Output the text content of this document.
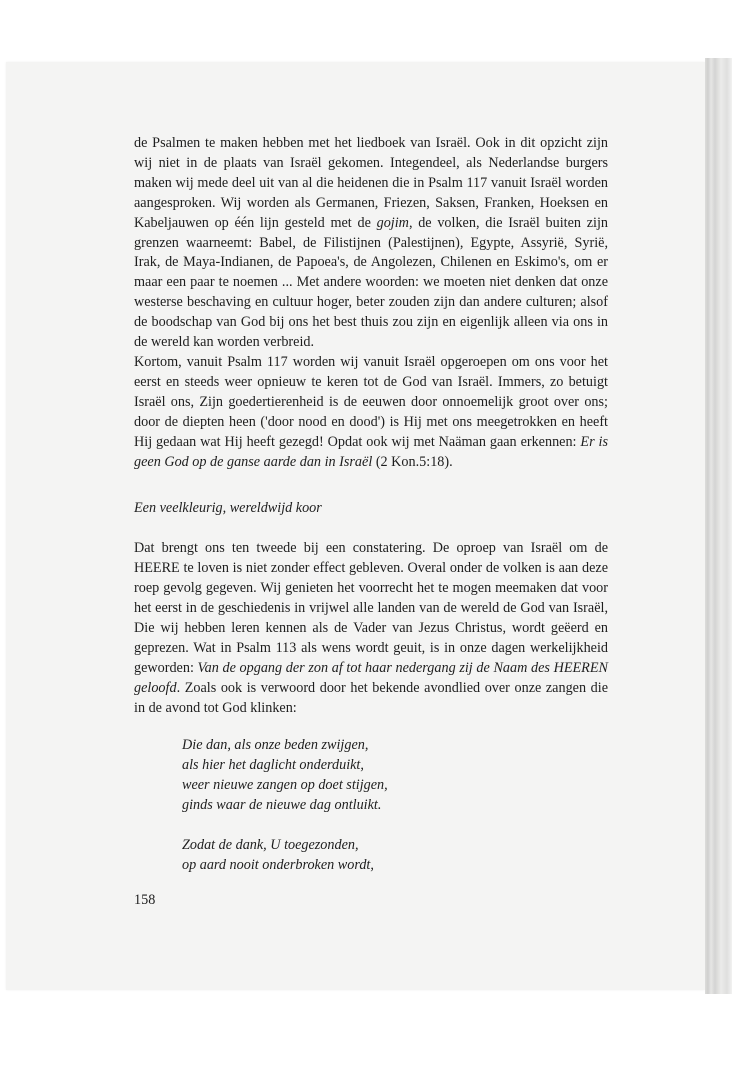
de Psalmen te maken hebben met het liedboek van Israël. Ook in dit opzicht zijn wij niet in de plaats van Israël gekomen. Integendeel, als Nederlandse burgers maken wij mede deel uit van al die heidenen die in Psalm 117 vanuit Israël worden aangesproken. Wij worden als Germanen, Friezen, Saksen, Franken, Hoeksen en Kabeljauwen op één lijn gesteld met de gojim, de volken, die Israël buiten zijn grenzen waarneemt: Babel, de Filistijnen (Palestijnen), Egypte, Assyrië, Syrië, Irak, de Maya-Indianen, de Papoea's, de Angolezen, Chilenen en Eskimo's, om er maar een paar te noemen ... Met andere woorden: we moeten niet denken dat onze westerse beschaving en cultuur hoger, beter zouden zijn dan andere culturen; alsof de boodschap van God bij ons het best thuis zou zijn en eigenlijk alleen via ons in de wereld kan worden verbreid.

Kortom, vanuit Psalm 117 worden wij vanuit Israël opgeroepen om ons voor het eerst en steeds weer opnieuw te keren tot de God van Israël. Immers, zo betuigt Israël ons, Zijn goedertierenheid is de eeuwen door onnoemelijk groot over ons; door de diepten heen ('door nood en dood') is Hij met ons meegetrokken en heeft Hij gedaan wat Hij heeft gezegd! Opdat ook wij met Naäman gaan erkennen: Er is geen God op de ganse aarde dan in Israël (2 Kon.5:18).

Een veelkleurig, wereldwijd koor

Dat brengt ons ten tweede bij een constatering. De oproep van Israël om de HEERE te loven is niet zonder effect gebleven. Overal onder de volken is aan deze roep gevolg gegeven. Wij genieten het voorrecht het te mogen meemaken dat voor het eerst in de geschiedenis in vrijwel alle landen van de wereld de God van Israël, Die wij hebben leren kennen als de Vader van Jezus Christus, wordt geëerd en geprezen. Wat in Psalm 113 als wens wordt geuit, is in onze dagen werkelijkheid geworden: Van de opgang der zon af tot haar nedergang zij de Naam des HEEREN geloofd. Zoals ook is verwoord door het bekende avondlied over onze zangen die in de avond tot God klinken:

Die dan, als onze beden zwijgen,
als hier het daglicht onderduikt,
weer nieuwe zangen op doet stijgen,
ginds waar de nieuwe dag ontluikt.
Zodat de dank, U toegezonden,
op aard nooit onderbroken wordt,
158
